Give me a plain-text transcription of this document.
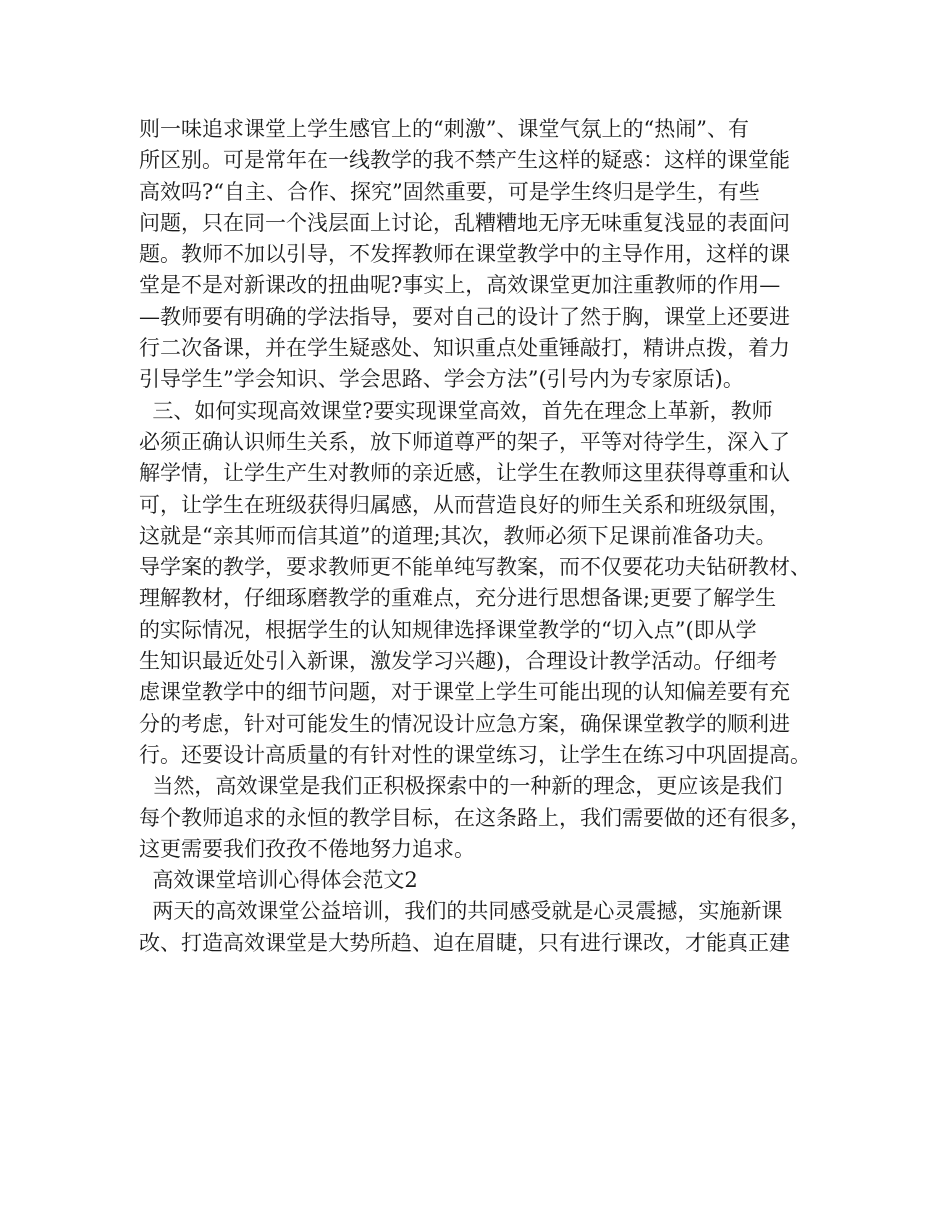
则一味追求课堂上学生感官上的“刺激”、课堂气氛上的“热闹”、有
所区别。可是常年在一线教学的我不禁产生这样的疑惑：这样的课堂能
高效吗?“自主、合作、探究”固然重要，可是学生终归是学生，有些
问题，只在同一个浅层面上讨论，乱糟糟地无序无味重复浅显的表面问
题。教师不加以引导，不发挥教师在课堂教学中的主导作用，这样的课
堂是不是对新课改的扭曲呢?事实上，高效课堂更加注重教师的作用—
—教师要有明确的学法指导，要对自己的设计了然于胸，课堂上还要进
行二次备课，并在学生疑惑处、知识重点处重锤敲打，精讲点拨，着力
引导学生”学会知识、学会思路、学会方法”(引号内为专家原话)。
三、如何实现高效课堂?要实现课堂高效，首先在理念上革新，教师
必须正确认识师生关系，放下师道尊严的架子，平等对待学生，深入了
解学情，让学生产生对教师的亲近感，让学生在教师这里获得尊重和认
可，让学生在班级获得归属感，从而营造良好的师生关系和班级氛围，
这就是“亲其师而信其道”的道理;其次，教师必须下足课前准备功夫。
导学案的教学，要求教师更不能单纯写教案，而不仅要花功夫钻研教材、
理解教材，仔细琢磨教学的重难点，充分进行思想备课;更要了解学生
的实际情况，根据学生的认知规律选择课堂教学的“切入点”(即从学
生知识最近处引入新课，激发学习兴趣)，合理设计教学活动。仔细考
虑课堂教学中的细节问题，对于课堂上学生可能出现的认知偏差要有充
分的考虑，针对可能发生的情况设计应急方案，确保课堂教学的顺利进
行。还要设计高质量的有针对性的课堂练习，让学生在练习中巩固提高。
当然，高效课堂是我们正积极探索中的一种新的理念，更应该是我们
每个教师追求的永恒的教学目标，在这条路上，我们需要做的还有很多，
这更需要我们孜孜不倦地努力追求。
高效课堂培训心得体会范文2
两天的高效课堂公益培训，我们的共同感受就是心灵震撼，实施新课
改、打造高效课堂是大势所趋、迫在眉睫，只有进行课改，才能真正建
